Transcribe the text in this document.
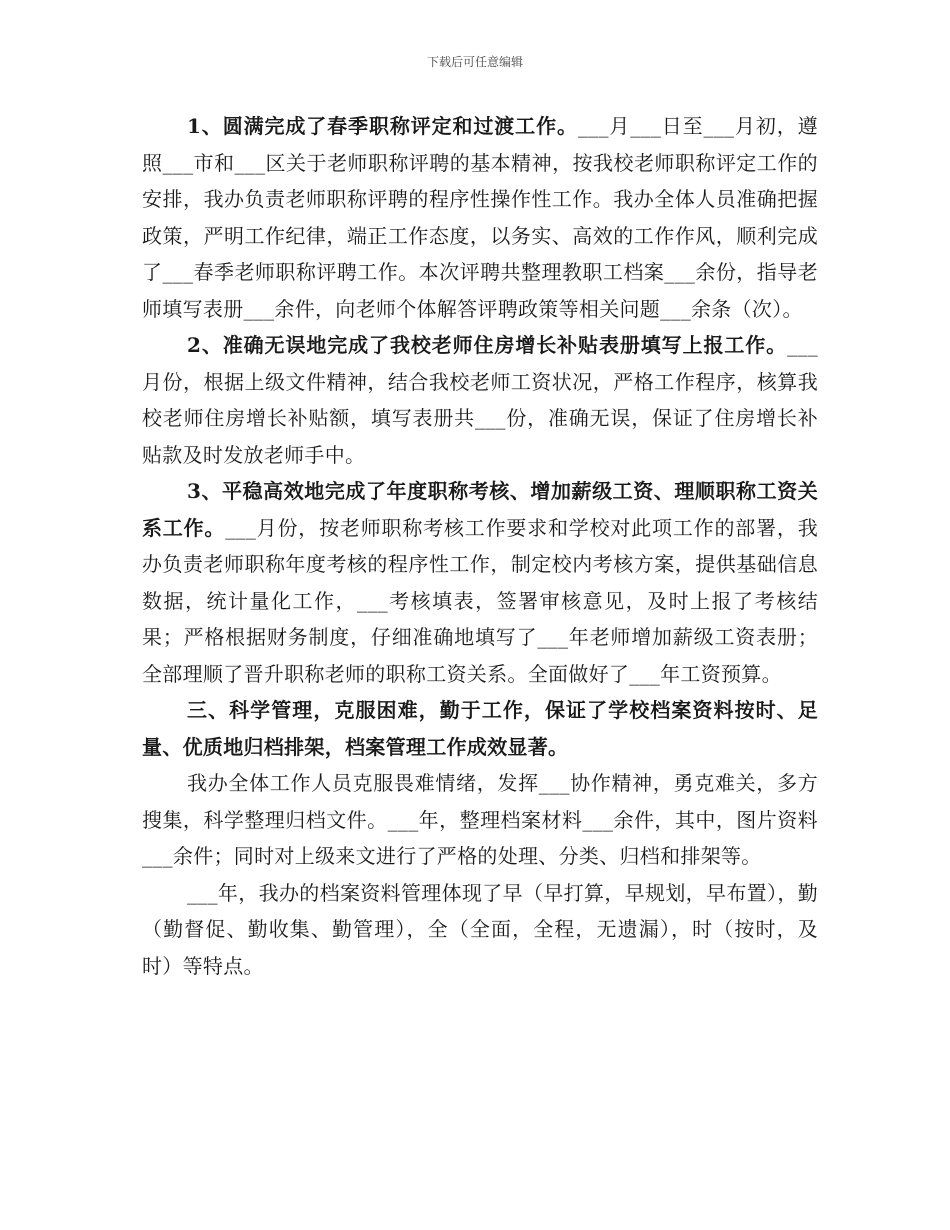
下载后可任意编辑

1、圆满完成了春季职称评定和过渡工作。___月___日至___月初，遵照___市和___区关于老师职称评聘的基本精神，按我校老师职称评定工作的安排，我办负责老师职称评聘的程序性操作性工作。我办全体人员准确把握政策，严明工作纪律，端正工作态度，以务实、高效的工作作风，顺利完成了___春季老师职称评聘工作。本次评聘共整理教职工档案___余份，指导老师填写表册___余件，向老师个体解答评聘政策等相关问题___余条（次）。

2、准确无误地完成了我校老师住房增长补贴表册填写上报工作。___月份，根据上级文件精神，结合我校老师工资状况，严格工作程序，核算我校老师住房增长补贴额，填写表册共___份，准确无误，保证了住房增长补贴款及时发放老师手中。

3、平稳高效地完成了年度职称考核、增加薪级工资、理顺职称工资关系工作。___月份，按老师职称考核工作要求和学校对此项工作的部署，我办负责老师职称年度考核的程序性工作，制定校内考核方案，提供基础信息数据，统计量化工作，___考核填表，签署审核意见，及时上报了考核结果；严格根据财务制度，仔细准确地填写了___年老师增加薪级工资表册；全部理顺了晋升职称老师的职称工资关系。全面做好了___年工资预算。

三、科学管理，克服困难，勤于工作，保证了学校档案资料按时、足量、优质地归档排架，档案管理工作成效显著。

我办全体工作人员克服畏难情绪，发挥___协作精神，勇克难关，多方搜集，科学整理归档文件。___年，整理档案材料___余件，其中，图片资料___余件；同时对上级来文进行了严格的处理、分类、归档和排架等。

___年，我办的档案资料管理体现了早（早打算，早规划，早布置），勤（勤督促、勤收集、勤管理），全（全面，全程，无遗漏），时（按时，及时）等特点。
